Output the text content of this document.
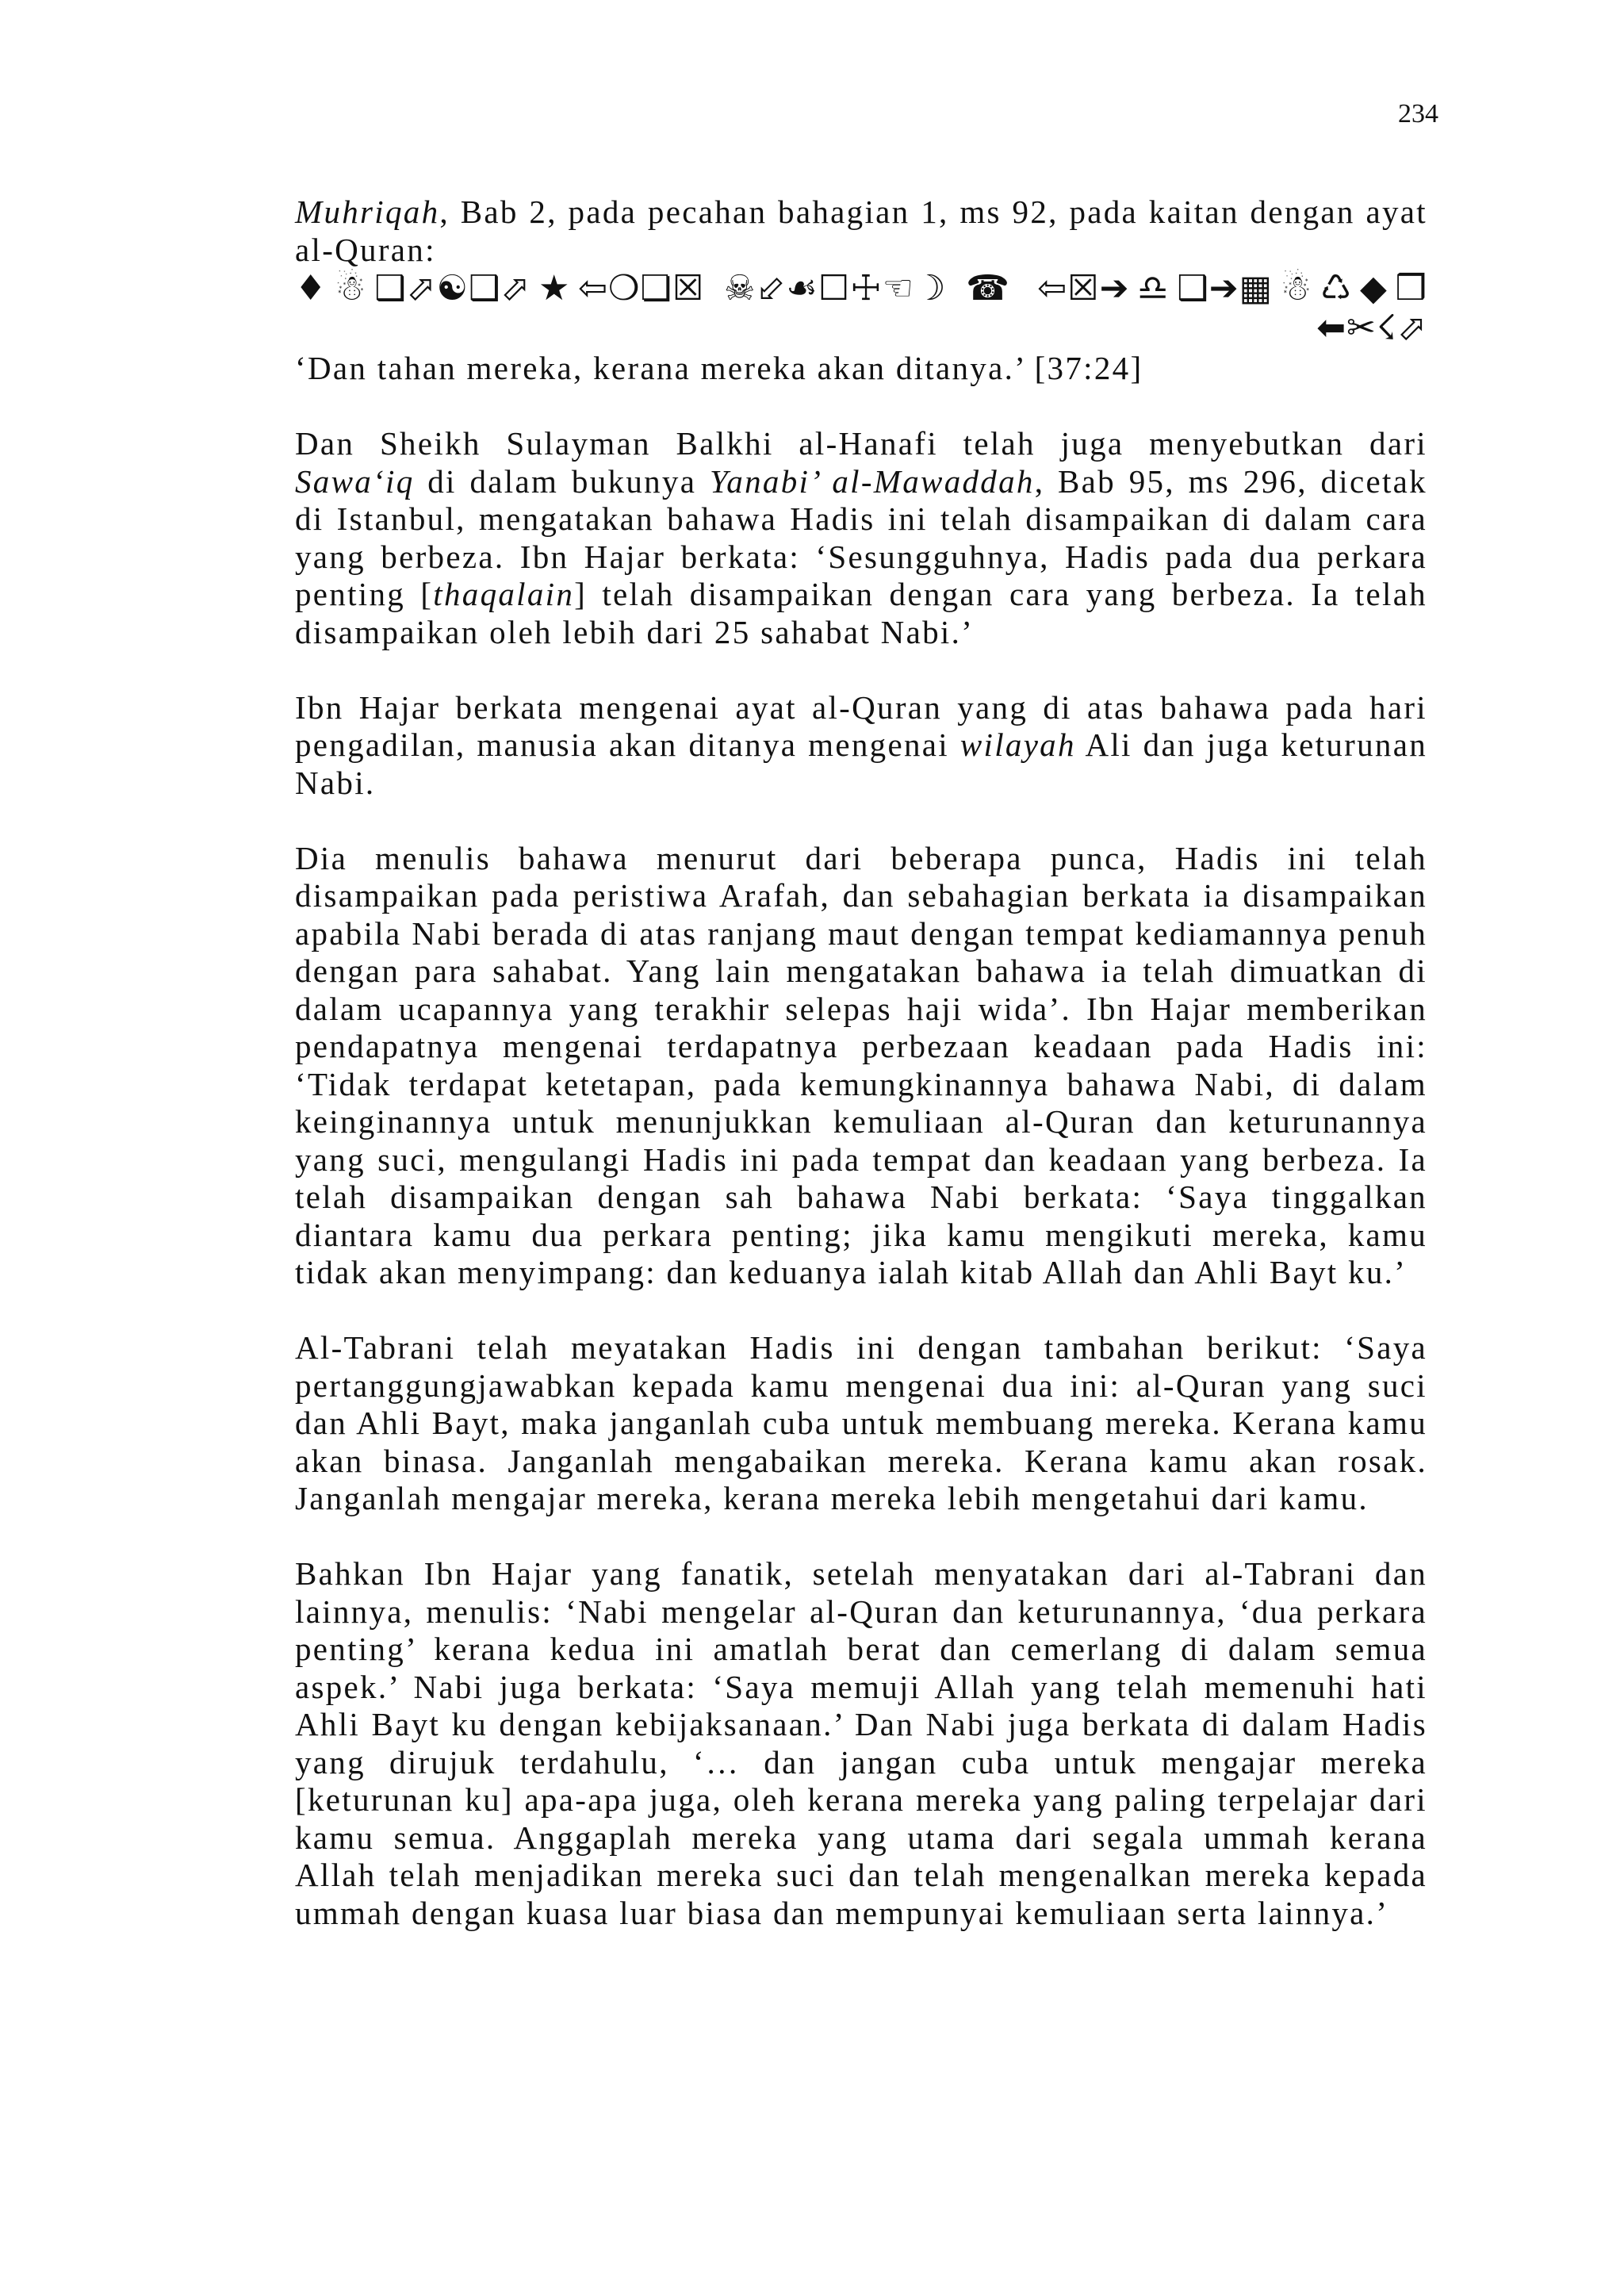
234

Muhriqah, Bab 2, pada pecahan bahagian 1, ms 92, pada kaitan dengan ayat al-Quran:

♦☃❑⬀☯❑⬀★⇦❍❏☒ ☠⬃☙☐☩☜☽ ☎ ⇦☒➔♎❑➔▦☃♺◆❒
⬅✂☇⬀

‘Dan tahan mereka, kerana mereka akan ditanya.’ [37:24]

Dan Sheikh Sulayman Balkhi al-Hanafi telah juga menyebutkan dari Sawa‘iq di dalam bukunya Yanabi’ al-Mawaddah, Bab 95, ms 296, dicetak di Istanbul, mengatakan bahawa Hadis ini telah disampaikan di dalam cara yang berbeza. Ibn Hajar berkata: ‘Sesungguhnya, Hadis pada dua perkara penting [thaqalain] telah disampaikan dengan cara yang berbeza. Ia telah disampaikan oleh lebih dari 25 sahabat Nabi.’

Ibn Hajar berkata mengenai ayat al-Quran yang di atas bahawa pada hari pengadilan, manusia akan ditanya mengenai wilayah Ali dan juga keturunan Nabi.

Dia menulis bahawa menurut dari beberapa punca, Hadis ini telah disampaikan pada peristiwa Arafah, dan sebahagian berkata ia disampaikan apabila Nabi berada di atas ranjang maut dengan tempat kediamannya penuh dengan para sahabat. Yang lain mengatakan bahawa ia telah dimuatkan di dalam ucapannya yang terakhir selepas haji wida’. Ibn Hajar memberikan pendapatnya mengenai terdapatnya perbezaan keadaan pada Hadis ini: ‘Tidak terdapat ketetapan, pada kemungkinannya bahawa Nabi, di dalam keinginannya untuk menunjukkan kemuliaan al-Quran dan keturunannya yang suci, mengulangi Hadis ini pada tempat dan keadaan yang berbeza. Ia telah disampaikan dengan sah bahawa Nabi berkata: ‘Saya tinggalkan diantara kamu dua perkara penting; jika kamu mengikuti mereka, kamu tidak akan menyimpang: dan keduanya ialah kitab Allah dan Ahli Bayt ku.’

Al-Tabrani telah meyatakan Hadis ini dengan tambahan berikut: ‘Saya pertanggungjawabkan kepada kamu mengenai dua ini: al-Quran yang suci dan Ahli Bayt, maka janganlah cuba untuk membuang mereka. Kerana kamu akan binasa. Janganlah mengabaikan mereka. Kerana kamu akan rosak. Janganlah mengajar mereka, kerana mereka lebih mengetahui dari kamu.

Bahkan Ibn Hajar yang fanatik, setelah menyatakan dari al-Tabrani dan lainnya, menulis: ‘Nabi mengelar al-Quran dan keturunannya, ‘dua perkara penting’ kerana kedua ini amatlah berat dan cemerlang di dalam semua aspek.’ Nabi juga berkata: ‘Saya memuji Allah yang telah memenuhi hati Ahli Bayt ku dengan kebijaksanaan.’ Dan Nabi juga berkata di dalam Hadis yang dirujuk terdahulu, ‘… dan jangan cuba untuk mengajar mereka [keturunan ku] apa-apa juga, oleh kerana mereka yang paling terpelajar dari kamu semua. Anggaplah mereka yang utama dari segala ummah kerana Allah telah menjadikan mereka suci dan telah mengenalkan mereka kepada ummah dengan kuasa luar biasa dan mempunyai kemuliaan serta lainnya.’
